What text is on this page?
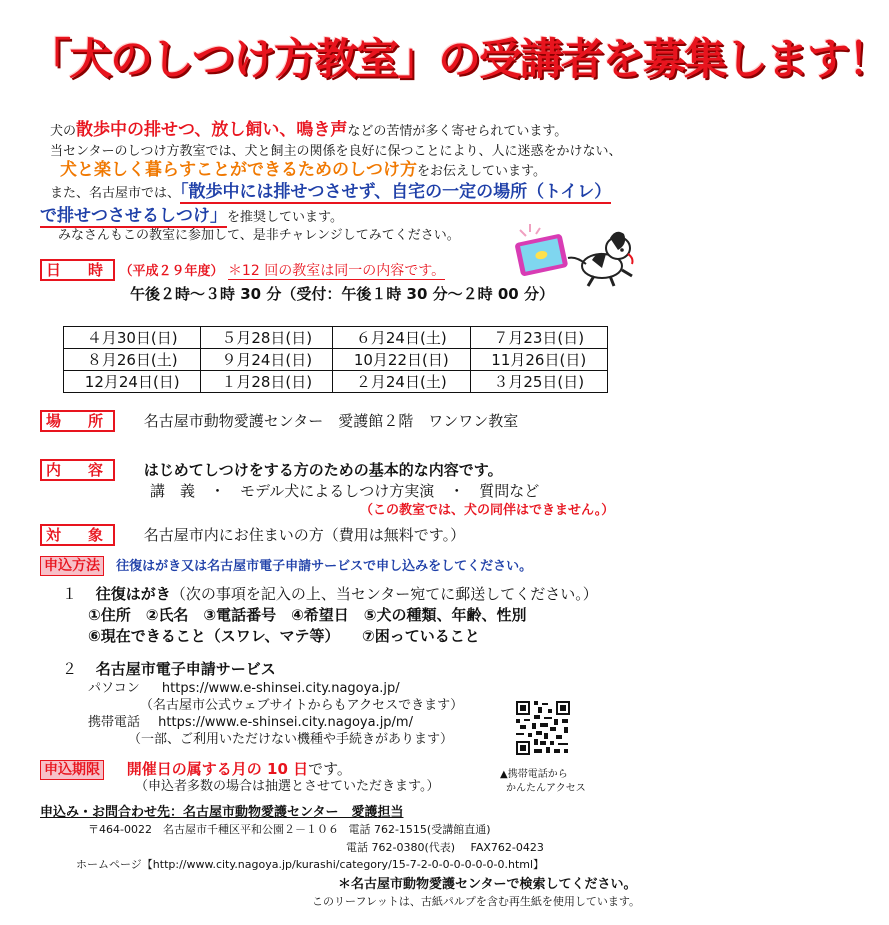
「犬のしつけ方教室」の受講者を募集します！
犬の散歩中の排せつ、放し飼い、鳴き声などの苦情が多く寄せられています。
当センターのしつけ方教室では、犬と飼主の関係を良好に保つことにより、人に迷惑をかけない、
犬と楽しく暮らすことができるためのしつけ方をお伝えしています。
また、名古屋市では、「散歩中には排せつさせず、自宅の一定の場所（トイレ）
で排せつさせるしつけ」を推奨しています。
みなさんもこの教室に参加して、是非チャレンジしてみてください。
日　時 （平成２９年度） ＊12 回の教室は同一の内容です。
午後２時～３時 30 分（受付：午後１時 30 分～２時 00 分）
４月30日(日)	５月28日(日)	６月24日(土)	７月23日(日)
８月26日(土)	９月24日(日)	10月22日(日)	11月26日(日)
12月24日(日)	１月28日(日)	２月24日(土)	３月25日(日)
場　所 名古屋市動物愛護センター　愛護館２階　ワンワン教室
内　容 はじめてしつけをする方のための基本的な内容です。
講　義　・　モデル犬によるしつけ方実演　・　質問など
（この教室では、犬の同伴はできません。）
対　象 名古屋市内にお住まいの方（費用は無料です。）
申込方法 往復はがき又は名古屋市電子申請サービスで申し込みをしてください。
１ 往復はがき（次の事項を記入の上、当センター宛てに郵送してください。）
①住所　②氏名　③電話番号　④希望日　⑤犬の種類、年齢、性別
⑥現在できること（スワレ、マテ等）　　⑦困っていること
２ 名古屋市電子申請サービス
パソコン https://www.e-shinsei.city.nagoya.jp/
（名古屋市公式ウェブサイトからもアクセスできます）
携帯電話 https://www.e-shinsei.city.nagoya.jp/m/
（一部、ご利用いただけない機種や手続きがあります）
▲携帯電話から
かんたんアクセス
申込期限 開催日の属する月の 10 日です。
（申込者多数の場合は抽選とさせていただきます。）
申込み・お問合わせ先：名古屋市動物愛護センター　愛護担当
〒464-0022　名古屋市千種区平和公園２－１０６ 電話 762-1515(受講館直通)
電話 762-0380(代表) FAX762-0423
ホームページ【http://www.city.nagoya.jp/kurashi/category/15-7-2-0-0-0-0-0-0-0.html】
＊名古屋市動物愛護センターで検索してください。
このリーフレットは、古紙パルプを含む再生紙を使用しています。
